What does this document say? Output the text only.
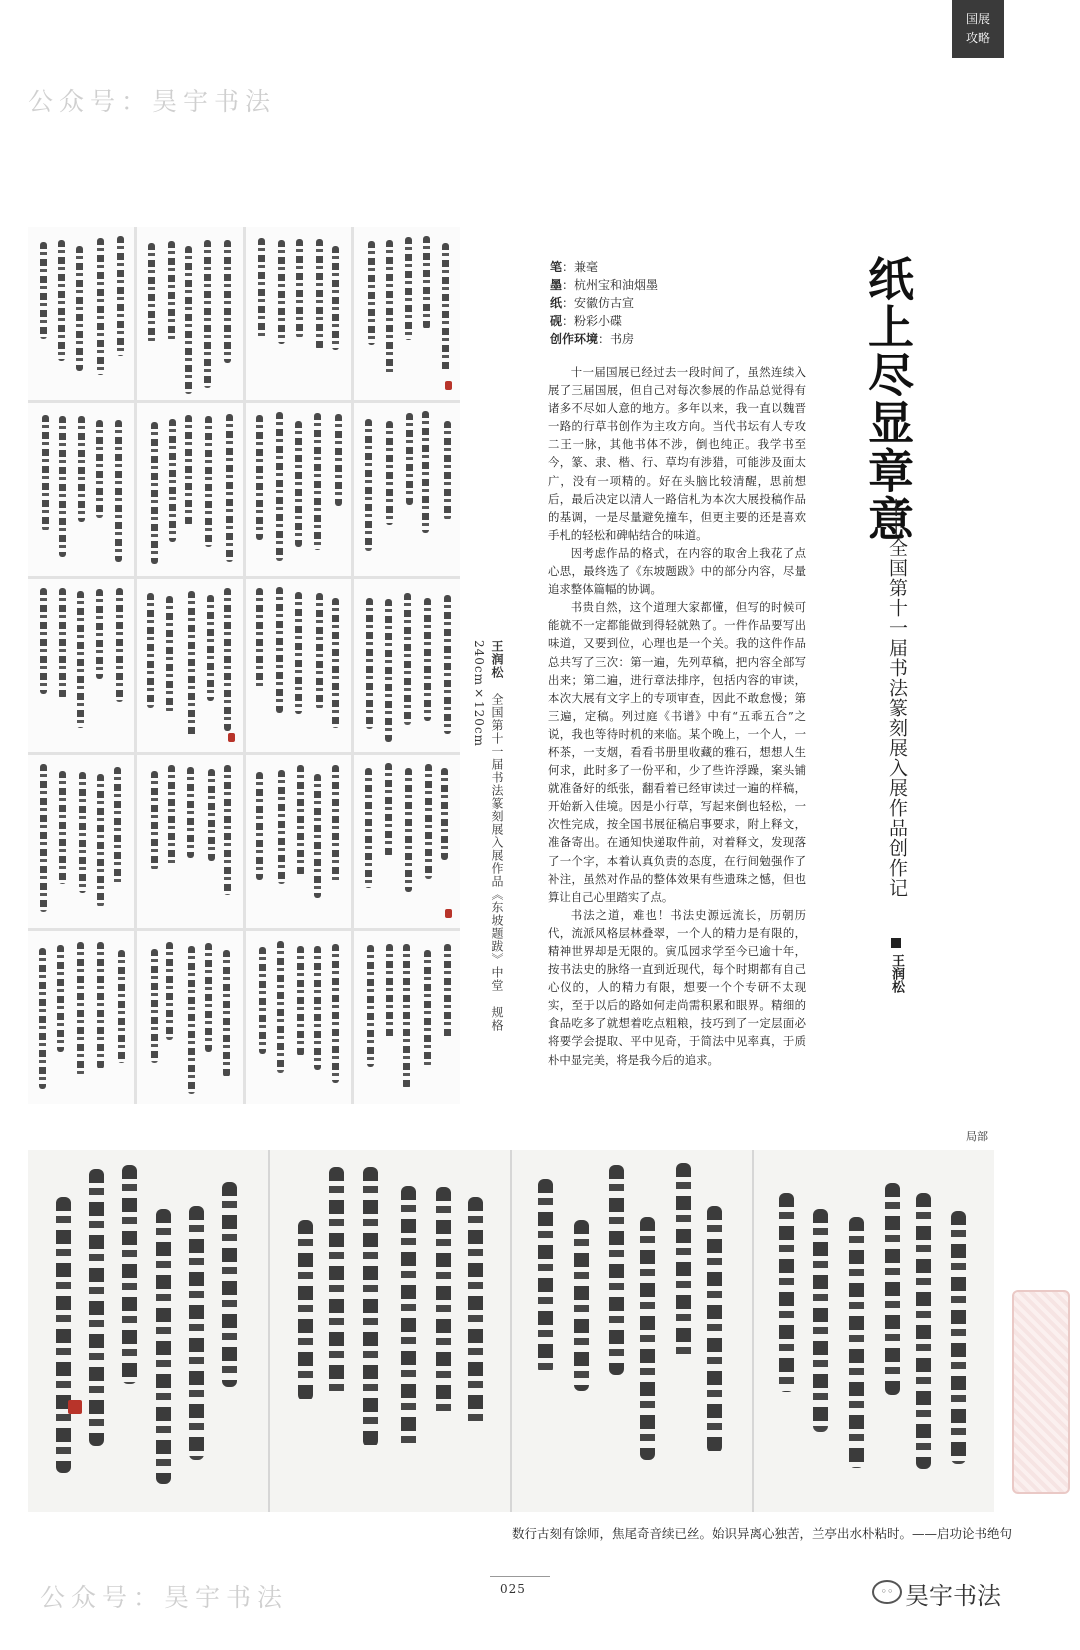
国展
攻略
公众号：昊宇书法
公众号：昊宇书法
王润松全国第十一届书法篆刻展入展作品《东坡题跋》中堂规格 240cm×120cm
笔：兼毫
墨：杭州宝和油烟墨
纸：安徽仿古宣
砚：粉彩小碟
创作环境：书房

十一届国展已经过去一段时间了，虽然连续入展了三届国展，但自己对每次参展的作品总觉得有诸多不尽如人意的地方。多年以来，我一直以魏晋一路的行草书创作为主攻方向。当代书坛有人专攻二王一脉，其他书体不涉，倒也纯正。我学书至今，篆、隶、楷、行、草均有涉猎，可能涉及面太广，没有一项精的。好在头脑比较清醒，思前想后，最后决定以清人一路信札为本次大展投稿作品的基调，一是尽量避免撞车，但更主要的还是喜欢手札的轻松和碑帖结合的味道。

因考虑作品的格式，在内容的取舍上我花了点心思，最终选了《东坡题跋》中的部分内容，尽量追求整体篇幅的协调。

书贵自然，这个道理大家都懂，但写的时候可能就不一定都能做到得轻就熟了。一件作品要写出味道，又要到位，心理也是一个关。我的这件作品总共写了三次：第一遍，先列草稿，把内容全部写出来；第二遍，进行章法排序，包括内容的审读，本次大展有文字上的专项审查，因此不敢怠慢；第三遍，定稿。列过庭《书谱》中有“五乖五合”之说，我也等待时机的来临。某个晚上，一个人，一杯茶，一支烟，看看书册里收藏的雅石，想想人生何求，此时多了一份平和，少了些许浮躁，案头铺就准备好的纸张，翻看着已经审读过一遍的样稿，开始新入佳境。因是小行草，写起来倒也轻松，一次性完成，按全国书展征稿启事要求，附上释文，准备寄出。在通知快递取件前，对着释文，发现落了一个字，本着认真负责的态度，在行间勉强作了补注，虽然对作品的整体效果有些遗珠之憾，但也算让自己心里踏实了点。

书法之道，难也！书法史源远流长，历朝历代，流派风格层林叠翠，一个人的精力是有限的，精神世界却是无限的。寅瓜园求学至今已逾十年，按书法史的脉络一直到近现代，每个时期都有自己心仪的，人的精力有限，想要一个个专研不太现实，至于以后的路如何走尚需积累和眼界。精细的食品吃多了就想着吃点粗粮，技巧到了一定层面必将要学会提取、平中见奇，于简法中见率真，于质朴中显完美，将是我今后的追求。

纸上尽显章意
——全国第十一届书法篆刻展入展作品创作记
王润松
局部
数行古刻有馀师，焦尾奇音续已丝。始识异离心独苦，兰亭出水朴粘时。——启功论书绝句
025	◦◦ 昊宇书法
